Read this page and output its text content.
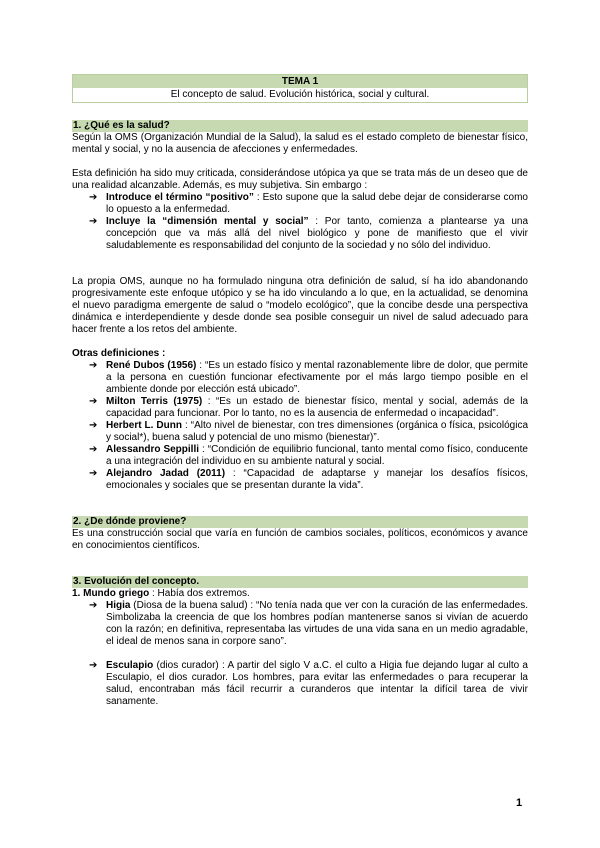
TEMA 1
El concepto de salud. Evolución histórica, social y cultural.
1. ¿Qué es la salud?

Según la OMS (Organización Mundial de la Salud), la salud es el estado completo de bienestar físico, mental y social, y no la ausencia de afecciones y enfermedades.

Esta definición ha sido muy criticada, considerándose utópica ya que se trata más de un deseo que de una realidad alcanzable. Además, es muy subjetiva. Sin embargo :

➔ Introduce el término “positivo” : Esto supone que la salud debe dejar de considerarse como lo opuesto a la enfermedad.
➔ Incluye la “dimensión mental y social” : Por tanto, comienza a plantearse ya una concepción que va más allá del nivel biológico y pone de manifiesto que el vivir saludablemente es responsabilidad del conjunto de la sociedad y no sólo del individuo.

La propia OMS, aunque no ha formulado ninguna otra definición de salud, sí ha ido abandonando progresivamente este enfoque utópico y se ha ido vinculando a lo que, en la actualidad, se denomina el nuevo paradigma emergente de salud o “modelo ecológico”, que la concibe desde una perspectiva dinámica e interdependiente y desde donde sea posible conseguir un nivel de salud adecuado para hacer frente a los retos del ambiente.

Otras definiciones :

➔ René Dubos (1956) : “Es un estado físico y mental razonablemente libre de dolor, que permite a la persona en cuestión funcionar efectivamente por el más largo tiempo posible en el ambiente donde por elección está ubicado”.
➔ Milton Terris (1975) : “Es un estado de bienestar físico, mental y social, además de la capacidad para funcionar. Por lo tanto, no es la ausencia de enfermedad o incapacidad”.
➔ Herbert L. Dunn : “Alto nivel de bienestar, con tres dimensiones (orgánica o física, psicológica y social*), buena salud y potencial de uno mismo (bienestar)”.
➔ Alessandro Seppilli : “Condición de equilibrio funcional, tanto mental como físico, conducente a una integración del individuo en su ambiente natural y social.
➔ Alejandro Jadad (2011) : “Capacidad de adaptarse y manejar los desafíos físicos, emocionales y sociales que se presentan durante la vida”.
2. ¿De dónde proviene?

Es una construcción social que varía en función de cambios sociales, políticos, económicos y avance en conocimientos científicos.

3. Evolución del concepto.

1. Mundo griego : Había dos extremos.

➔ Higia (Diosa de la buena salud) : “No tenía nada que ver con la curación de las enfermedades. Simbolizaba la creencia de que los hombres podían mantenerse sanos si vivían de acuerdo con la razón; en definitiva, representaba las virtudes de una vida sana en un medio agradable, el ideal de menos sana in corpore sano”.
➔ Esculapio (dios curador) : A partir del siglo V a.C. el culto a Higia fue dejando lugar al culto a Esculapio, el dios curador. Los hombres, para evitar las enfermedades o para recuperar la salud, encontraban más fácil recurrir a curanderos que intentar la difícil tarea de vivir sanamente.
1
